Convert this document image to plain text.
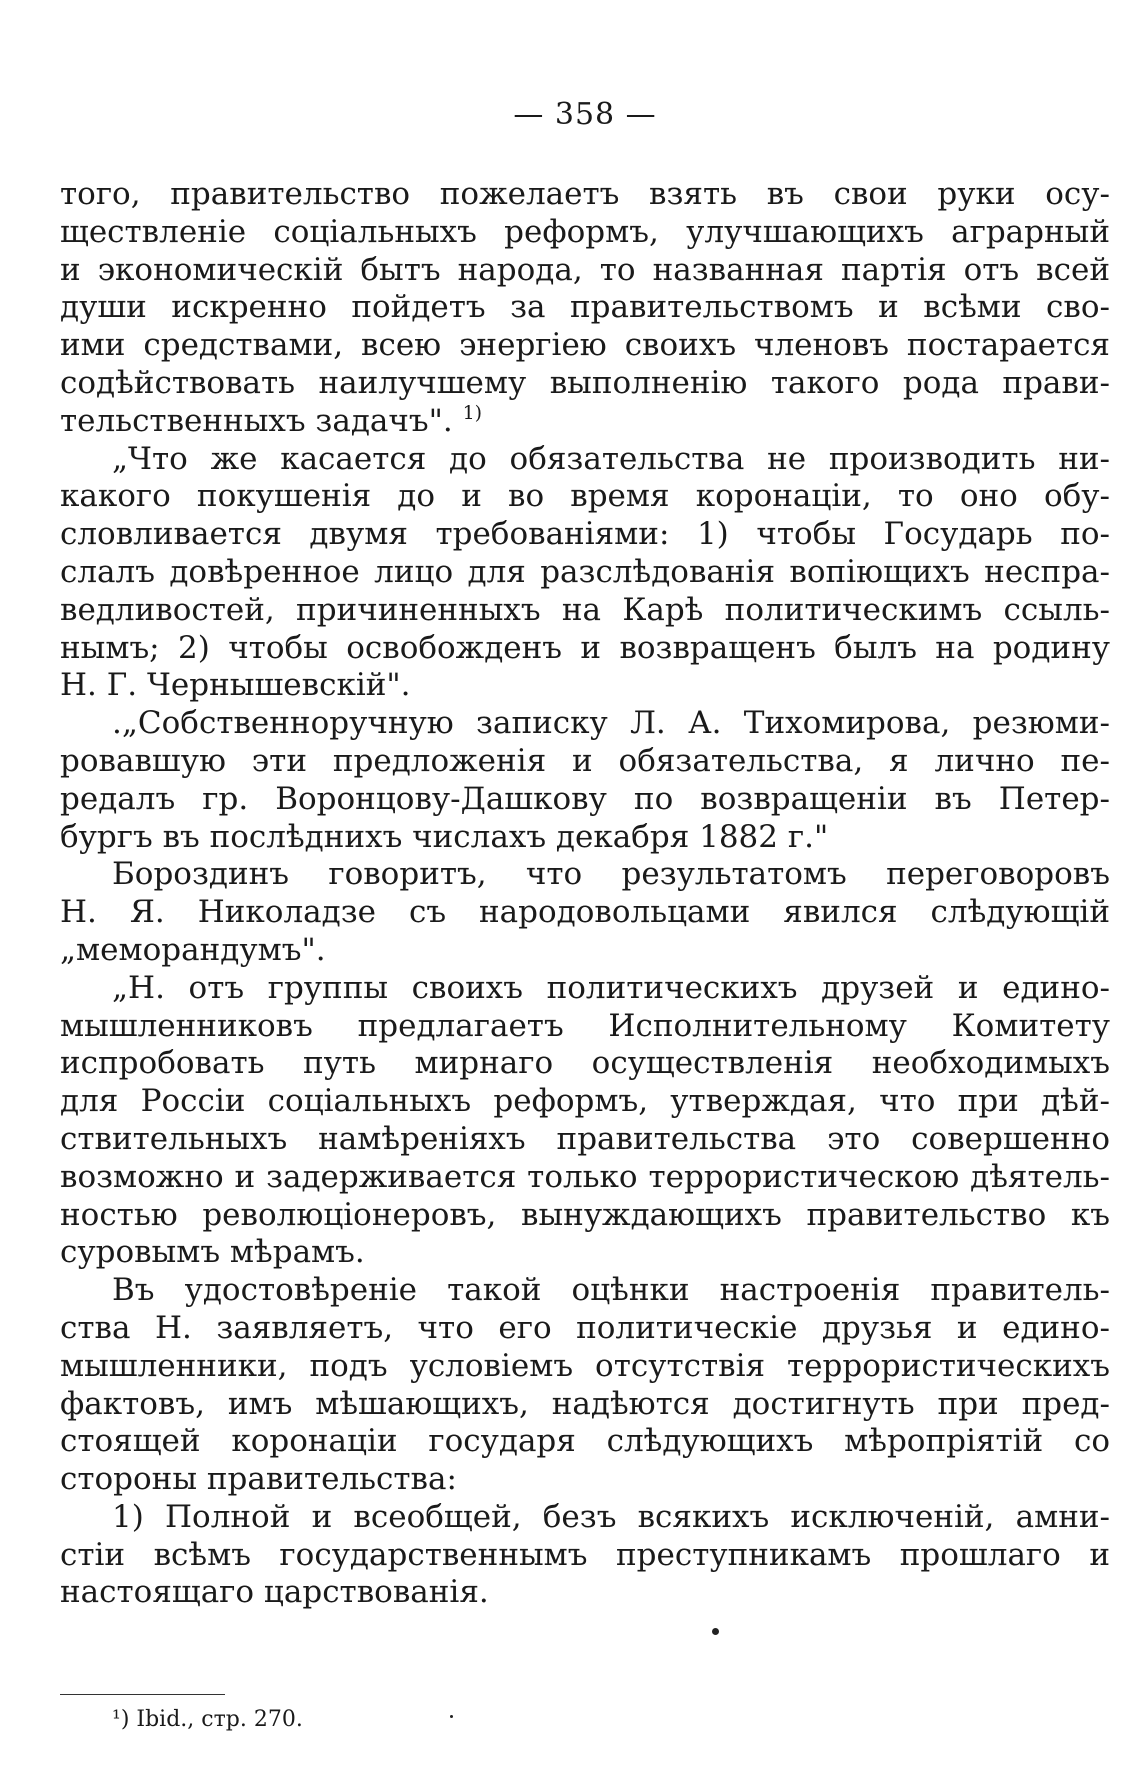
— 358 —
того, правительство пожелаетъ взять въ свои руки осу-
ществленіе соціальныхъ реформъ, улучшающихъ аграрный
и экономическій бытъ народа, то названная партія отъ всей
души искренно пойдетъ за правительствомъ и всѣми сво-
ими средствами, всею энергіею своихъ членовъ постарается
содѣйствовать наилучшему выполненію такого рода прави-
тельственныхъ задачъ". $^{1)}$
„Что же касается до обязательства не производить ни-
какого покушенія до и во время коронаціи, то оно обу-
словливается двумя требованіями: 1) чтобы Государь по-
слалъ довѣренное лицо для разслѣдованія вопіющихъ неспра-
ведливостей, причиненныхъ на Карѣ политическимъ ссыль-
нымъ; 2) чтобы освобожденъ и возвращенъ былъ на родину
Н. Г. Чернышевскій".
.„Собственноручную записку Л. А. Тихомирова, резюми-
ровавшую эти предложенія и обязательства, я лично пе-
редалъ гр. Воронцову-Дашкову по возвращеніи въ Петер-
бургъ въ послѣднихъ числахъ декабря 1882 г."
Бороздинъ говоритъ, что результатомъ переговоровъ
Н. Я. Николадзе съ народовольцами явился слѣдующій
„меморандумъ".
„Н. отъ группы своихъ политическихъ друзей и едино-
мышленниковъ предлагаетъ Исполнительному Комитету
испробовать путь мирнаго осуществленія необходимыхъ
для Россіи соціальныхъ реформъ, утверждая, что при дѣй-
ствительныхъ намѣреніяхъ правительства это совершенно
возможно и задерживается только террористическою дѣятель-
ностью революціонеровъ, вынуждающихъ правительство къ
суровымъ мѣрамъ.
Въ удостовѣреніе такой оцѣнки настроенія правитель-
ства Н. заявляетъ, что его политическіе друзья и едино-
мышленники, подъ условіемъ отсутствія террористическихъ
фактовъ, имъ мѣшающихъ, надѣются достигнуть при пред-
стоящей коронаціи государя слѣдующихъ мѣропріятій со
стороны правительства:
1) Полной и всеобщей, безъ всякихъ исключеній, амни-
стіи всѣмъ государственнымъ преступникамъ прошлаго и
настоящаго царствованія.
¹) Ibid., стр. 270.
